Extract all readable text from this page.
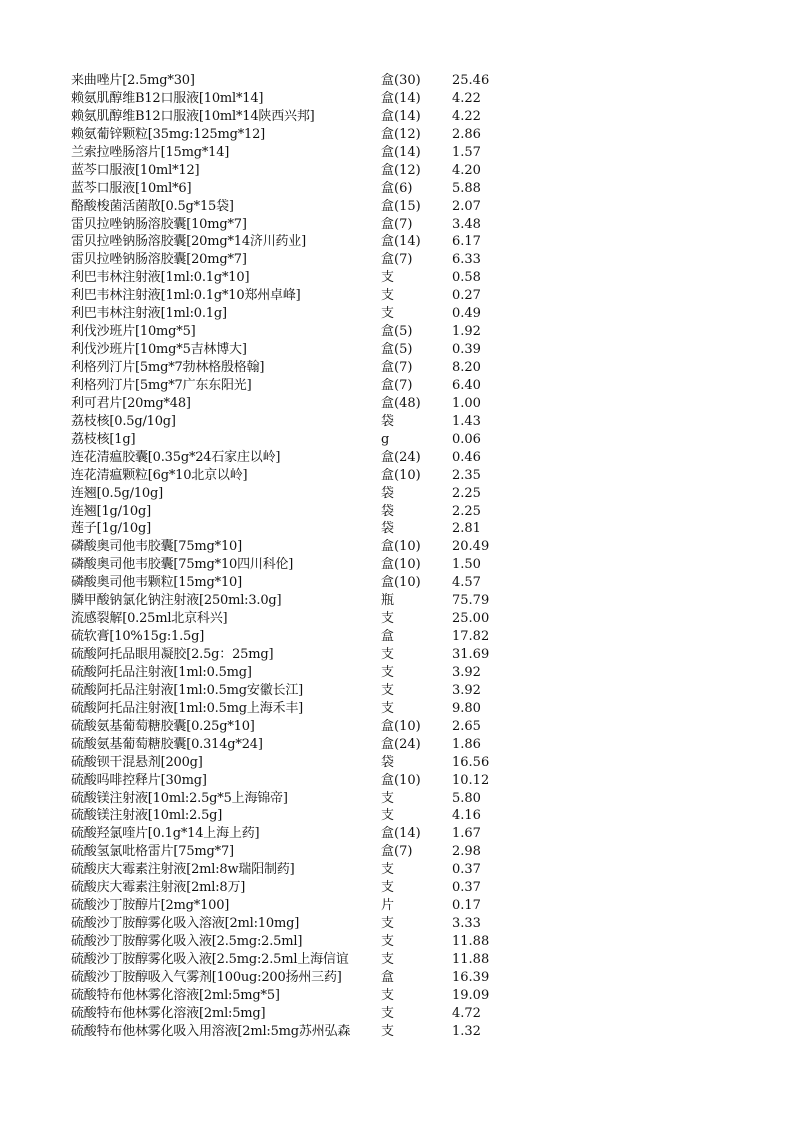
来曲唑片[2.5mg*30]	盒(30)	25.46
赖氨肌醇维B12口服液[10ml*14]	盒(14)	4.22
赖氨肌醇维B12口服液[10ml*14陕西兴邦]	盒(14)	4.22
赖氨葡锌颗粒[35mg:125mg*12]	盒(12)	2.86
兰索拉唑肠溶片[15mg*14]	盒(14)	1.57
蓝芩口服液[10ml*12]	盒(12)	4.20
蓝芩口服液[10ml*6]	盒(6)	5.88
酪酸梭菌活菌散[0.5g*15袋]	盒(15)	2.07
雷贝拉唑钠肠溶胶囊[10mg*7]	盒(7)	3.48
雷贝拉唑钠肠溶胶囊[20mg*14济川药业]	盒(14)	6.17
雷贝拉唑钠肠溶胶囊[20mg*7]	盒(7)	6.33
利巴韦林注射液[1ml:0.1g*10]	支	0.58
利巴韦林注射液[1ml:0.1g*10郑州卓峰]	支	0.27
利巴韦林注射液[1ml:0.1g]	支	0.49
利伐沙班片[10mg*5]	盒(5)	1.92
利伐沙班片[10mg*5吉林博大]	盒(5)	0.39
利格列汀片[5mg*7勃林格殷格翰]	盒(7)	8.20
利格列汀片[5mg*7广东东阳光]	盒(7)	6.40
利可君片[20mg*48]	盒(48)	1.00
荔枝核[0.5g/10g]	袋	1.43
荔枝核[1g]	g	0.06
连花清瘟胶囊[0.35g*24石家庄以岭]	盒(24)	0.46
连花清瘟颗粒[6g*10北京以岭]	盒(10)	2.35
连翘[0.5g/10g]	袋	2.25
连翘[1g/10g]	袋	2.25
莲子[1g/10g]	袋	2.81
磷酸奥司他韦胶囊[75mg*10]	盒(10)	20.49
磷酸奥司他韦胶囊[75mg*10四川科伦]	盒(10)	1.50
磷酸奥司他韦颗粒[15mg*10]	盒(10)	4.57
膦甲酸钠氯化钠注射液[250ml:3.0g]	瓶	75.79
流感裂解[0.25ml北京科兴]	支	25.00
硫软膏[10%15g:1.5g]	盒	17.82
硫酸阿托品眼用凝胶[2.5g：25mg]	支	31.69
硫酸阿托品注射液[1ml:0.5mg]	支	3.92
硫酸阿托品注射液[1ml:0.5mg安徽长江]	支	3.92
硫酸阿托品注射液[1ml:0.5mg上海禾丰]	支	9.80
硫酸氨基葡萄糖胶囊[0.25g*10]	盒(10)	2.65
硫酸氨基葡萄糖胶囊[0.314g*24]	盒(24)	1.86
硫酸钡干混悬剂[200g]	袋	16.56
硫酸吗啡控释片[30mg]	盒(10)	10.12
硫酸镁注射液[10ml:2.5g*5上海锦帝]	支	5.80
硫酸镁注射液[10ml:2.5g]	支	4.16
硫酸羟氯喹片[0.1g*14上海上药]	盒(14)	1.67
硫酸氢氯吡格雷片[75mg*7]	盒(7)	2.98
硫酸庆大霉素注射液[2ml:8w瑞阳制药]	支	0.37
硫酸庆大霉素注射液[2ml:8万]	支	0.37
硫酸沙丁胺醇片[2mg*100]	片	0.17
硫酸沙丁胺醇雾化吸入溶液[2ml:10mg]	支	3.33
硫酸沙丁胺醇雾化吸入液[2.5mg:2.5ml]	支	11.88
硫酸沙丁胺醇雾化吸入液[2.5mg:2.5ml上海信谊	支	11.88
硫酸沙丁胺醇吸入气雾剂[100ug:200扬州三药]	盒	16.39
硫酸特布他林雾化溶液[2ml:5mg*5]	支	19.09
硫酸特布他林雾化溶液[2ml:5mg]	支	4.72
硫酸特布他林雾化吸入用溶液[2ml:5mg苏州弘森	支	1.32
